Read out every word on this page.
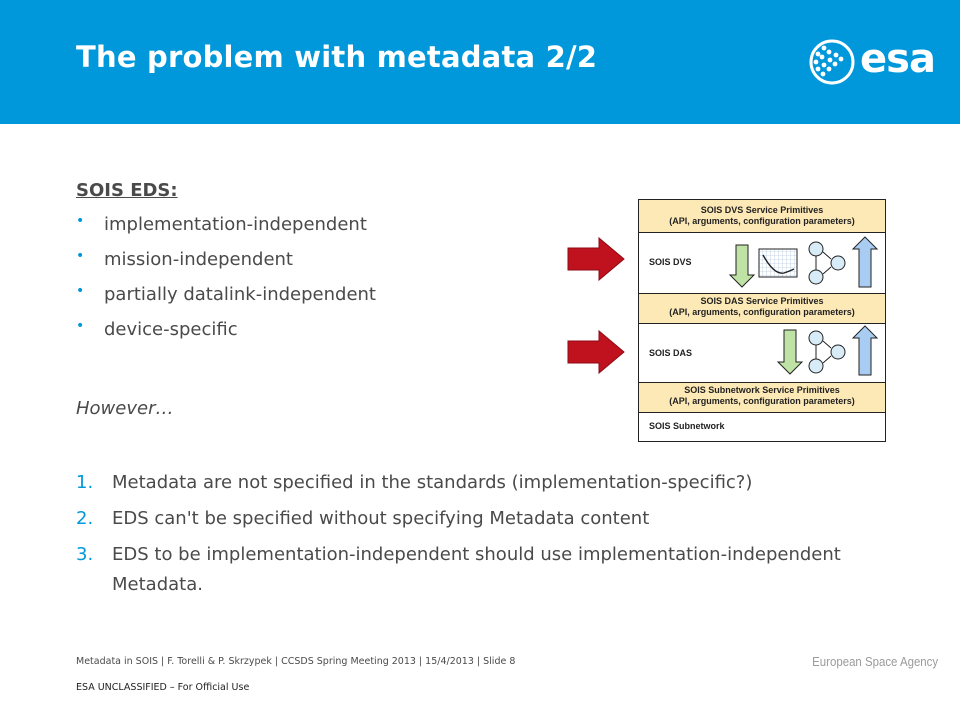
The problem with metadata 2/2	esa
SOIS EDS:
• implementation-independent
• mission-independent
• partially datalink-independent
• device-specific
However…
1. Metadata are not specified in the standards (implementation-specific?)
2. EDS can't be specified without specifying Metadata content
3. EDS to be implementation-independent should use implementation-independent Metadata.
SOIS DVS Service Primitives
(API, arguments, configuration parameters)
SOIS DVS
SOIS DAS Service Primitives
(API, arguments, configuration parameters)
SOIS DAS
SOIS Subnetwork Service Primitives
(API, arguments, configuration parameters)
SOIS Subnetwork
Metadata in SOIS | F. Torelli & P. Skrzypek | CCSDS Spring Meeting 2013 | 15/4/2013 | Slide 8
ESA UNCLASSIFIED – For Official Use
European Space Agency
